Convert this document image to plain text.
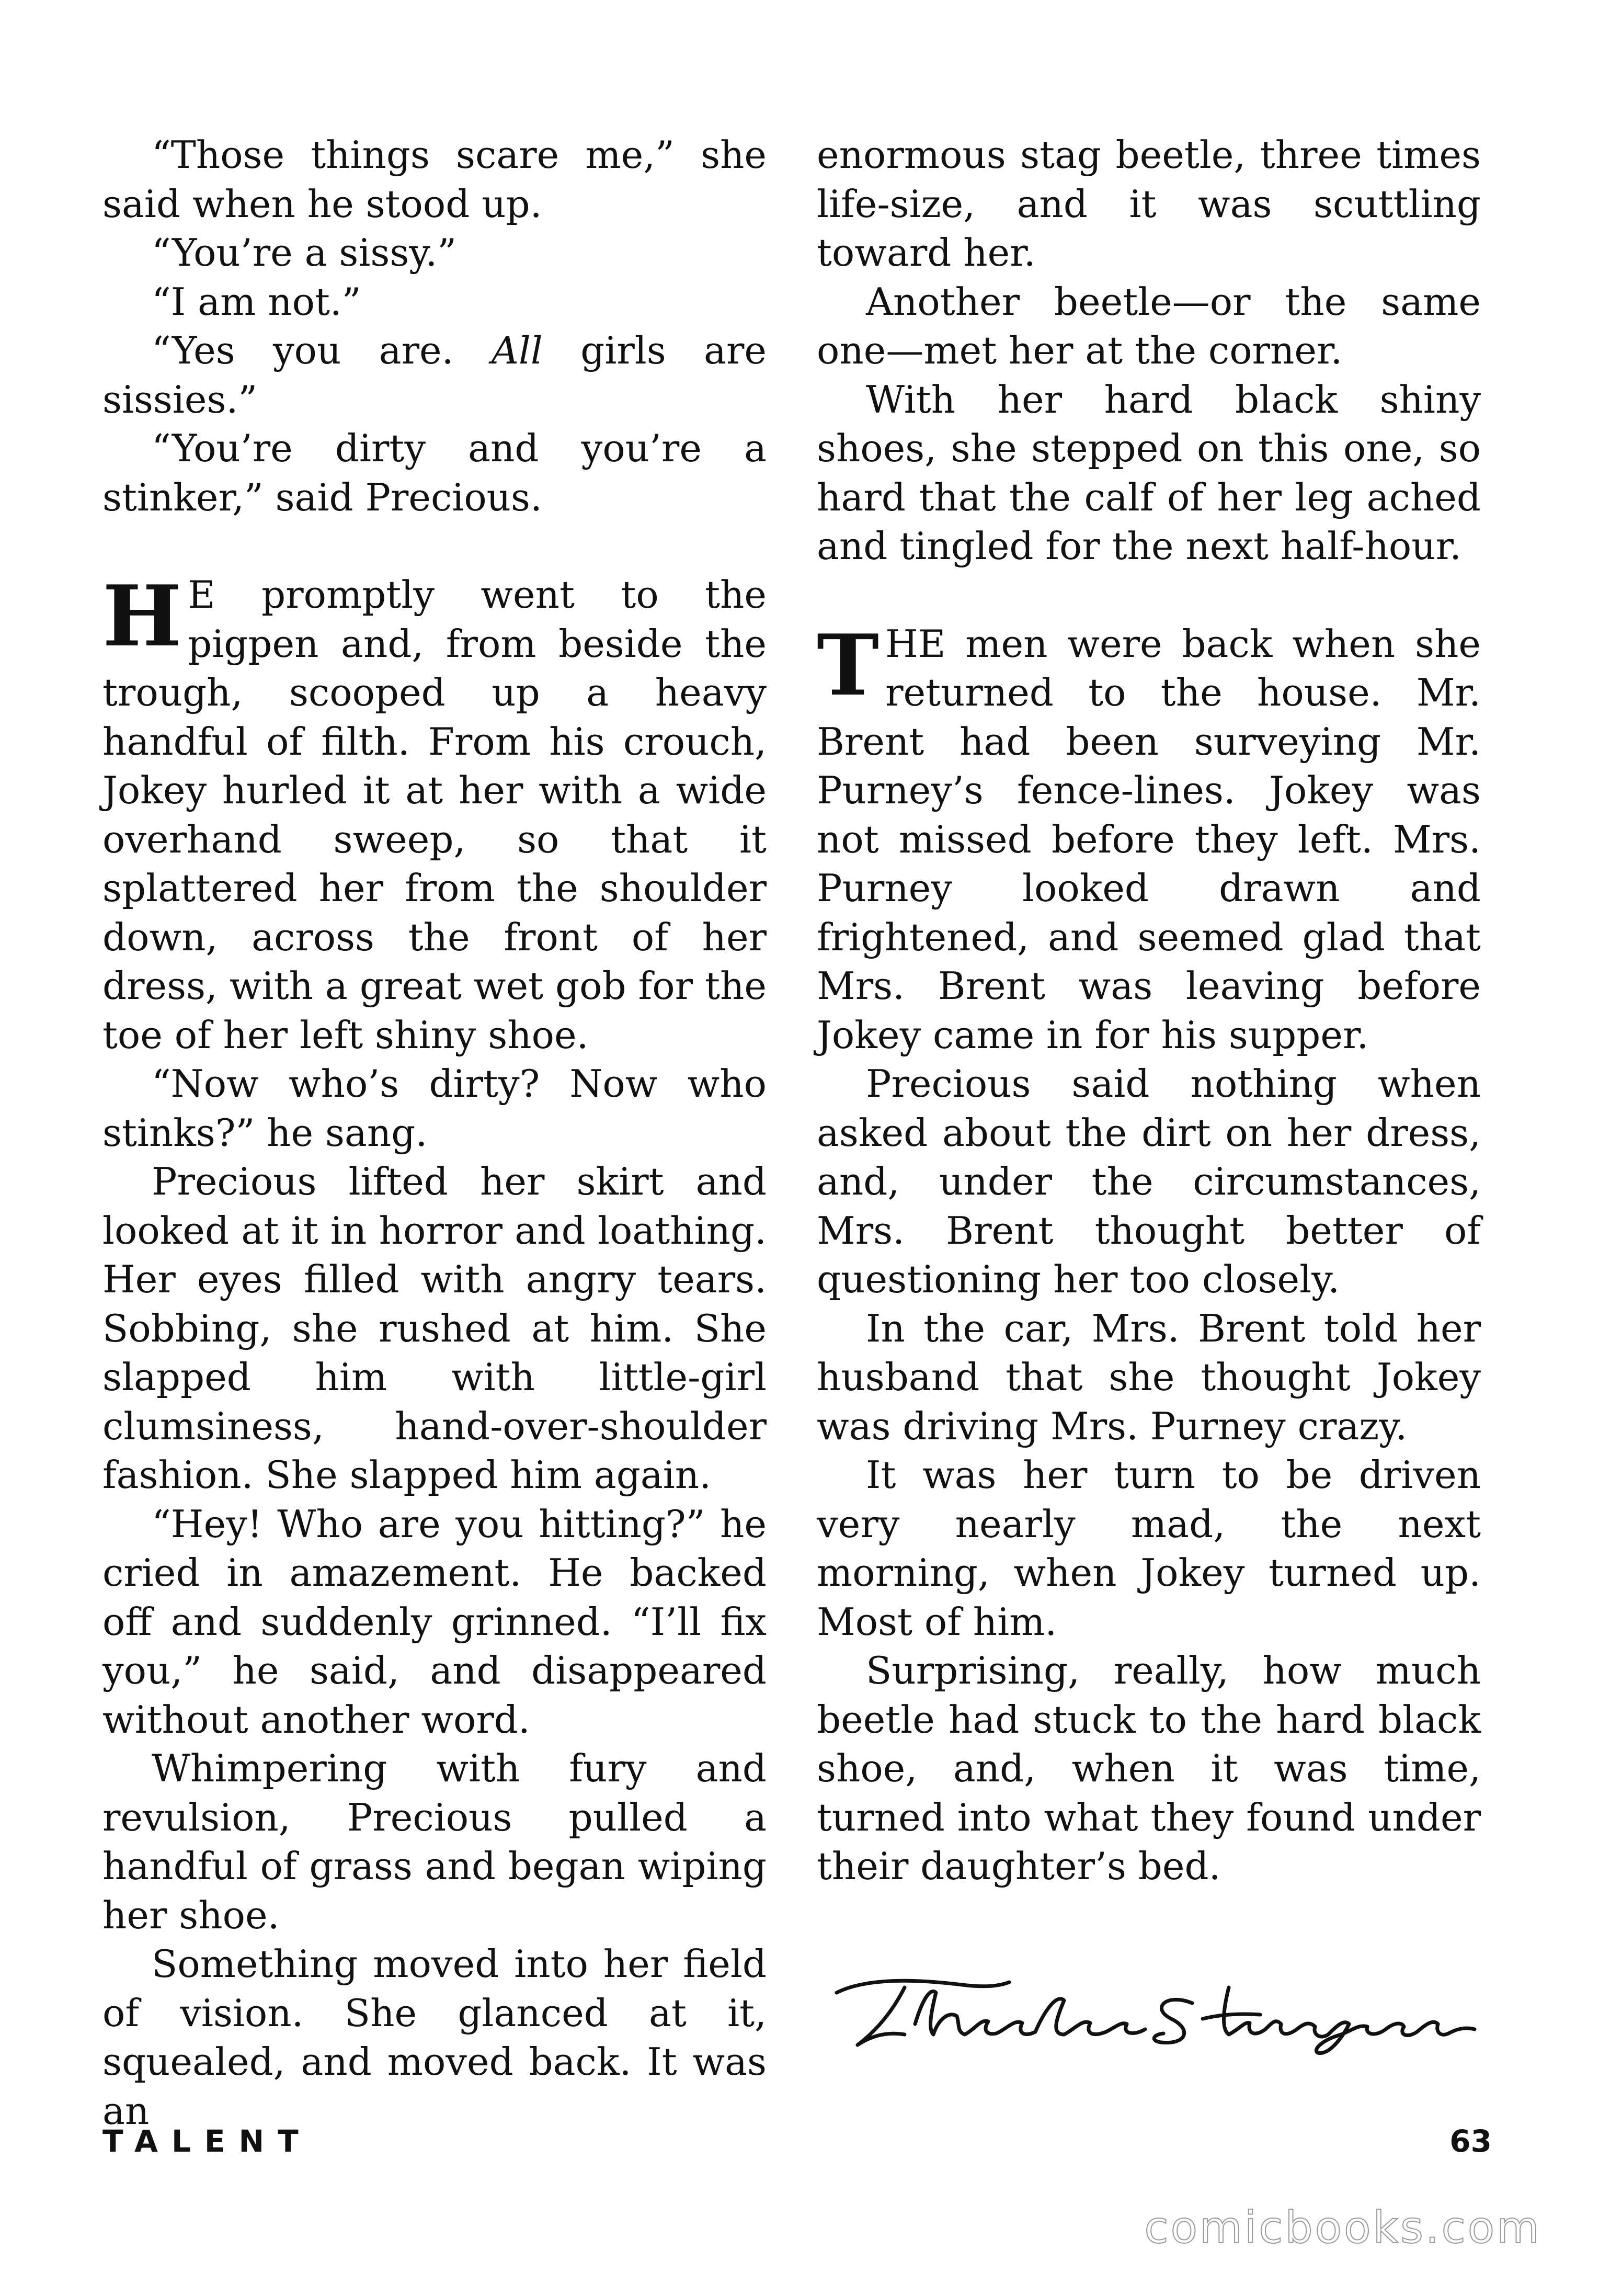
“Those things scare me,” she said when he stood up.

“You’re a sissy.”

“I am not.”

“Yes you are. All girls are sissies.”

“You’re dirty and you’re a stinker,” said Precious.

H E promptly went to the pigpen and, from beside the trough, scooped up a heavy handful of filth. From his crouch, Jokey hurled it at her with a wide overhand sweep, so that it splattered her from the shoulder down, across the front of her dress, with a great wet gob for the toe of her left shiny shoe.

“Now who’s dirty? Now who stinks?” he sang.

Precious lifted her skirt and looked at it in horror and loathing. Her eyes filled with angry tears. Sobbing, she rushed at him. She slapped him with little-girl clumsiness, hand-over-shoulder fashion. She slapped him again.

“Hey! Who are you hitting?” he cried in amazement. He backed off and suddenly grinned. “I’ll fix you,” he said, and disappeared without another word.

Whimpering with fury and revulsion, Precious pulled a handful of grass and began wiping her shoe.

Something moved into her field of vision. She glanced at it, squealed, and moved back. It was an

enormous stag beetle, three times life-size, and it was scuttling toward her.

Another beetle—or the same one—met her at the corner.

With her hard black shiny shoes, she stepped on this one, so hard that the calf of her leg ached and tingled for the next half-hour.

THE men were back when she returned to the house. Mr. Brent had been surveying Mr. Purney’s fence-lines. Jokey was not missed before they left. Mrs. Purney looked drawn and frightened, and seemed glad that Mrs. Brent was leaving before Jokey came in for his supper.

Precious said nothing when asked about the dirt on her dress, and, under the circumstances, Mrs. Brent thought better of questioning her too closely.

In the car, Mrs. Brent told her husband that she thought Jokey was driving Mrs. Purney crazy.

It was her turn to be driven very nearly mad, the next morning, when Jokey turned up. Most of him.

Surprising, really, how much beetle had stuck to the hard black shoe, and, when it was time, turned into what they found under their daughter’s bed.

Theodore Sturgeon
TALENT	63
comicbooks.com
